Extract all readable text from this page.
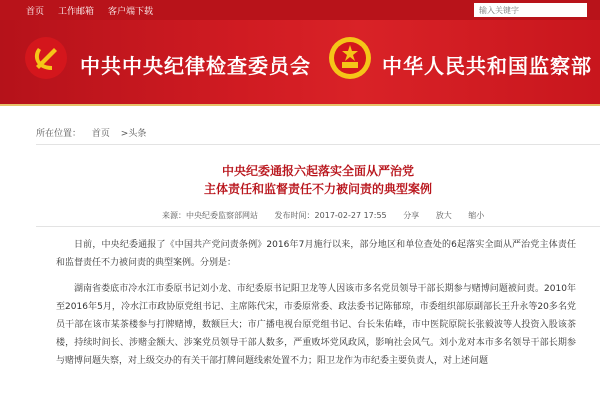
首页 工作邮箱 客户端下载
输入关键字
中共中央纪律检查委员会	中华人民共和国监察部
所在位置： 首页 >头条
中央纪委通报六起落实全面从严治党
主体责任和监督责任不力被问责的典型案例
来源：中央纪委监察部网站 发布时间：2017-02-27 17:55 分享 放大 缩小

日前，中央纪委通报了《中国共产党问责条例》2016年7月施行以来，部分地区和单位查处的6起落实全面从严治党主体责任和监督责任不力被问责的典型案例。分别是：

湖南省娄底市冷水江市委原书记刘小龙、市纪委原书记阳卫龙等人因该市多名党员领导干部长期参与赌博问题被问责。2010年至2016年5月，冷水江市政协原党组书记、主席陈代宋，市委原常委、政法委书记陈郁琼，市委组织部原副部长王升永等20多名党员干部在该市某茶楼参与打牌赌博，数额巨大；市广播电视台原党组书记、台长朱佑峰，市中医院原院长张毅波等人投资入股该茶楼，持续时间长、涉赌金额大、涉案党员领导干部人数多，严重败坏党风政风，影响社会风气。刘小龙对本市多名领导干部长期参与赌博问题失察，对上级交办的有关干部打牌问题线索处置不力；阳卫龙作为市纪委主要负责人，对上述问题
